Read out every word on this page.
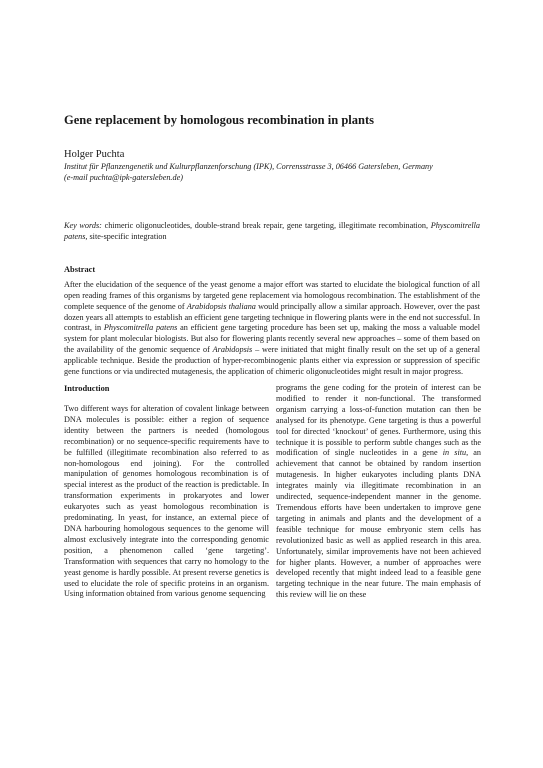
Gene replacement by homologous recombination in plants

Holger Puchta

Institut für Pflanzengenetik und Kulturpflanzenforschung (IPK), Corrensstrasse 3, 06466 Gatersleben, Germany
(e-mail puchta@ipk-gatersleben.de)

Key words: chimeric oligonucleotides, double-strand break repair, gene targeting, illegitimate recombination, Physcomitrella patens, site-specific integration

Abstract

After the elucidation of the sequence of the yeast genome a major effort was started to elucidate the biological function of all open reading frames of this organisms by targeted gene replacement via homologous recombination. The establishment of the complete sequence of the genome of Arabidopsis thaliana would principally allow a similar approach. However, over the past dozen years all attempts to establish an efficient gene targeting technique in flowering plants were in the end not successful. In contrast, in Physcomitrella patens an efficient gene targeting procedure has been set up, making the moss a valuable model system for plant molecular biologists. But also for flowering plants recently several new approaches – some of them based on the availability of the genomic sequence of Arabidopsis – were initiated that might finally result on the set up of a general applicable technique. Beside the production of hyper-recombinogenic plants either via expression or suppression of specific gene functions or via undirected mutagenesis, the application of chimeric oligonucleotides might result in major progress.

Introduction

Two different ways for alteration of covalent linkage between DNA molecules is possible: either a region of sequence identity between the partners is needed (homologous recombination) or no sequence-specific requirements have to be fulfilled (illegitimate recombination also referred to as non-homologous end joining). For the controlled manipulation of genomes homologous recombination is of special interest as the product of the reaction is predictable. In transformation experiments in prokaryotes and lower eukaryotes such as yeast homologous recombination is predominating. In yeast, for instance, an external piece of DNA harbouring homologous sequences to the genome will almost exclusively integrate into the corresponding genomic position, a phenomenon called ‘gene targeting’. Transformation with sequences that carry no homology to the yeast genome is hardly possible. At present reverse genetics is used to elucidate the role of specific proteins in an organism. Using information obtained from various genome sequencing

programs the gene coding for the protein of interest can be modified to render it non-functional. The transformed organism carrying a loss-of-function mutation can then be analysed for its phenotype. Gene targeting is thus a powerful tool for directed ‘knockout’ of genes. Furthermore, using this technique it is possible to perform subtle changes such as the modification of single nucleotides in a gene in situ, an achievement that cannot be obtained by random insertion mutagenesis. In higher eukaryotes including plants DNA integrates mainly via illegitimate recombination in an undirected, sequence-independent manner in the genome. Tremendous efforts have been undertaken to improve gene targeting in animals and plants and the development of a feasible technique for mouse embryonic stem cells has revolutionized basic as well as applied research in this area. Unfortunately, similar improvements have not been achieved for higher plants. However, a number of approaches were developed recently that might indeed lead to a feasible gene targeting technique in the near future. The main emphasis of this review will lie on these
